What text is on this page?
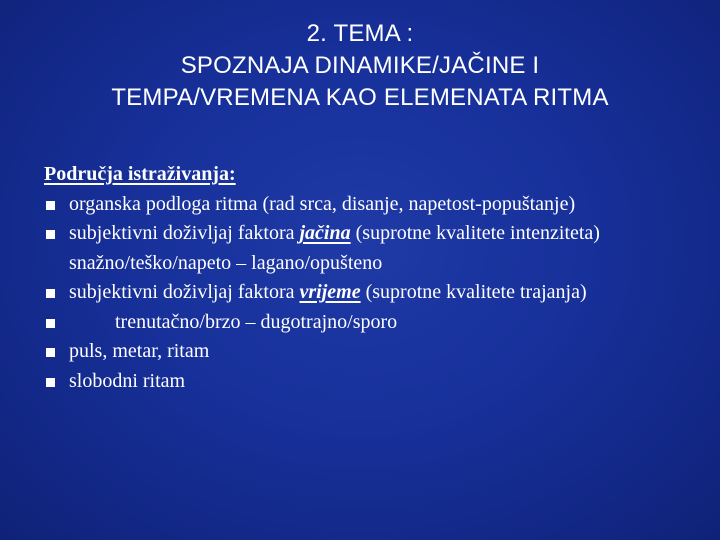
2. TEMA :
SPOZNAJA DINAMIKE/JAČINE I
TEMPA/VREMENA KAO ELEMENATA RITMA
Područja istraživanja:
organska podloga ritma (rad srca, disanje, napetost-popuštanje)
subjektivni doživljaj faktora jačina (suprotne kvalitete intenziteta)
snažno/teško/napeto – lagano/opušteno
subjektivni doživljaj faktora vrijeme (suprotne kvalitete trajanja)
trenutačno/brzo – dugotrajno/sporo
puls, metar, ritam
slobodni ritam
